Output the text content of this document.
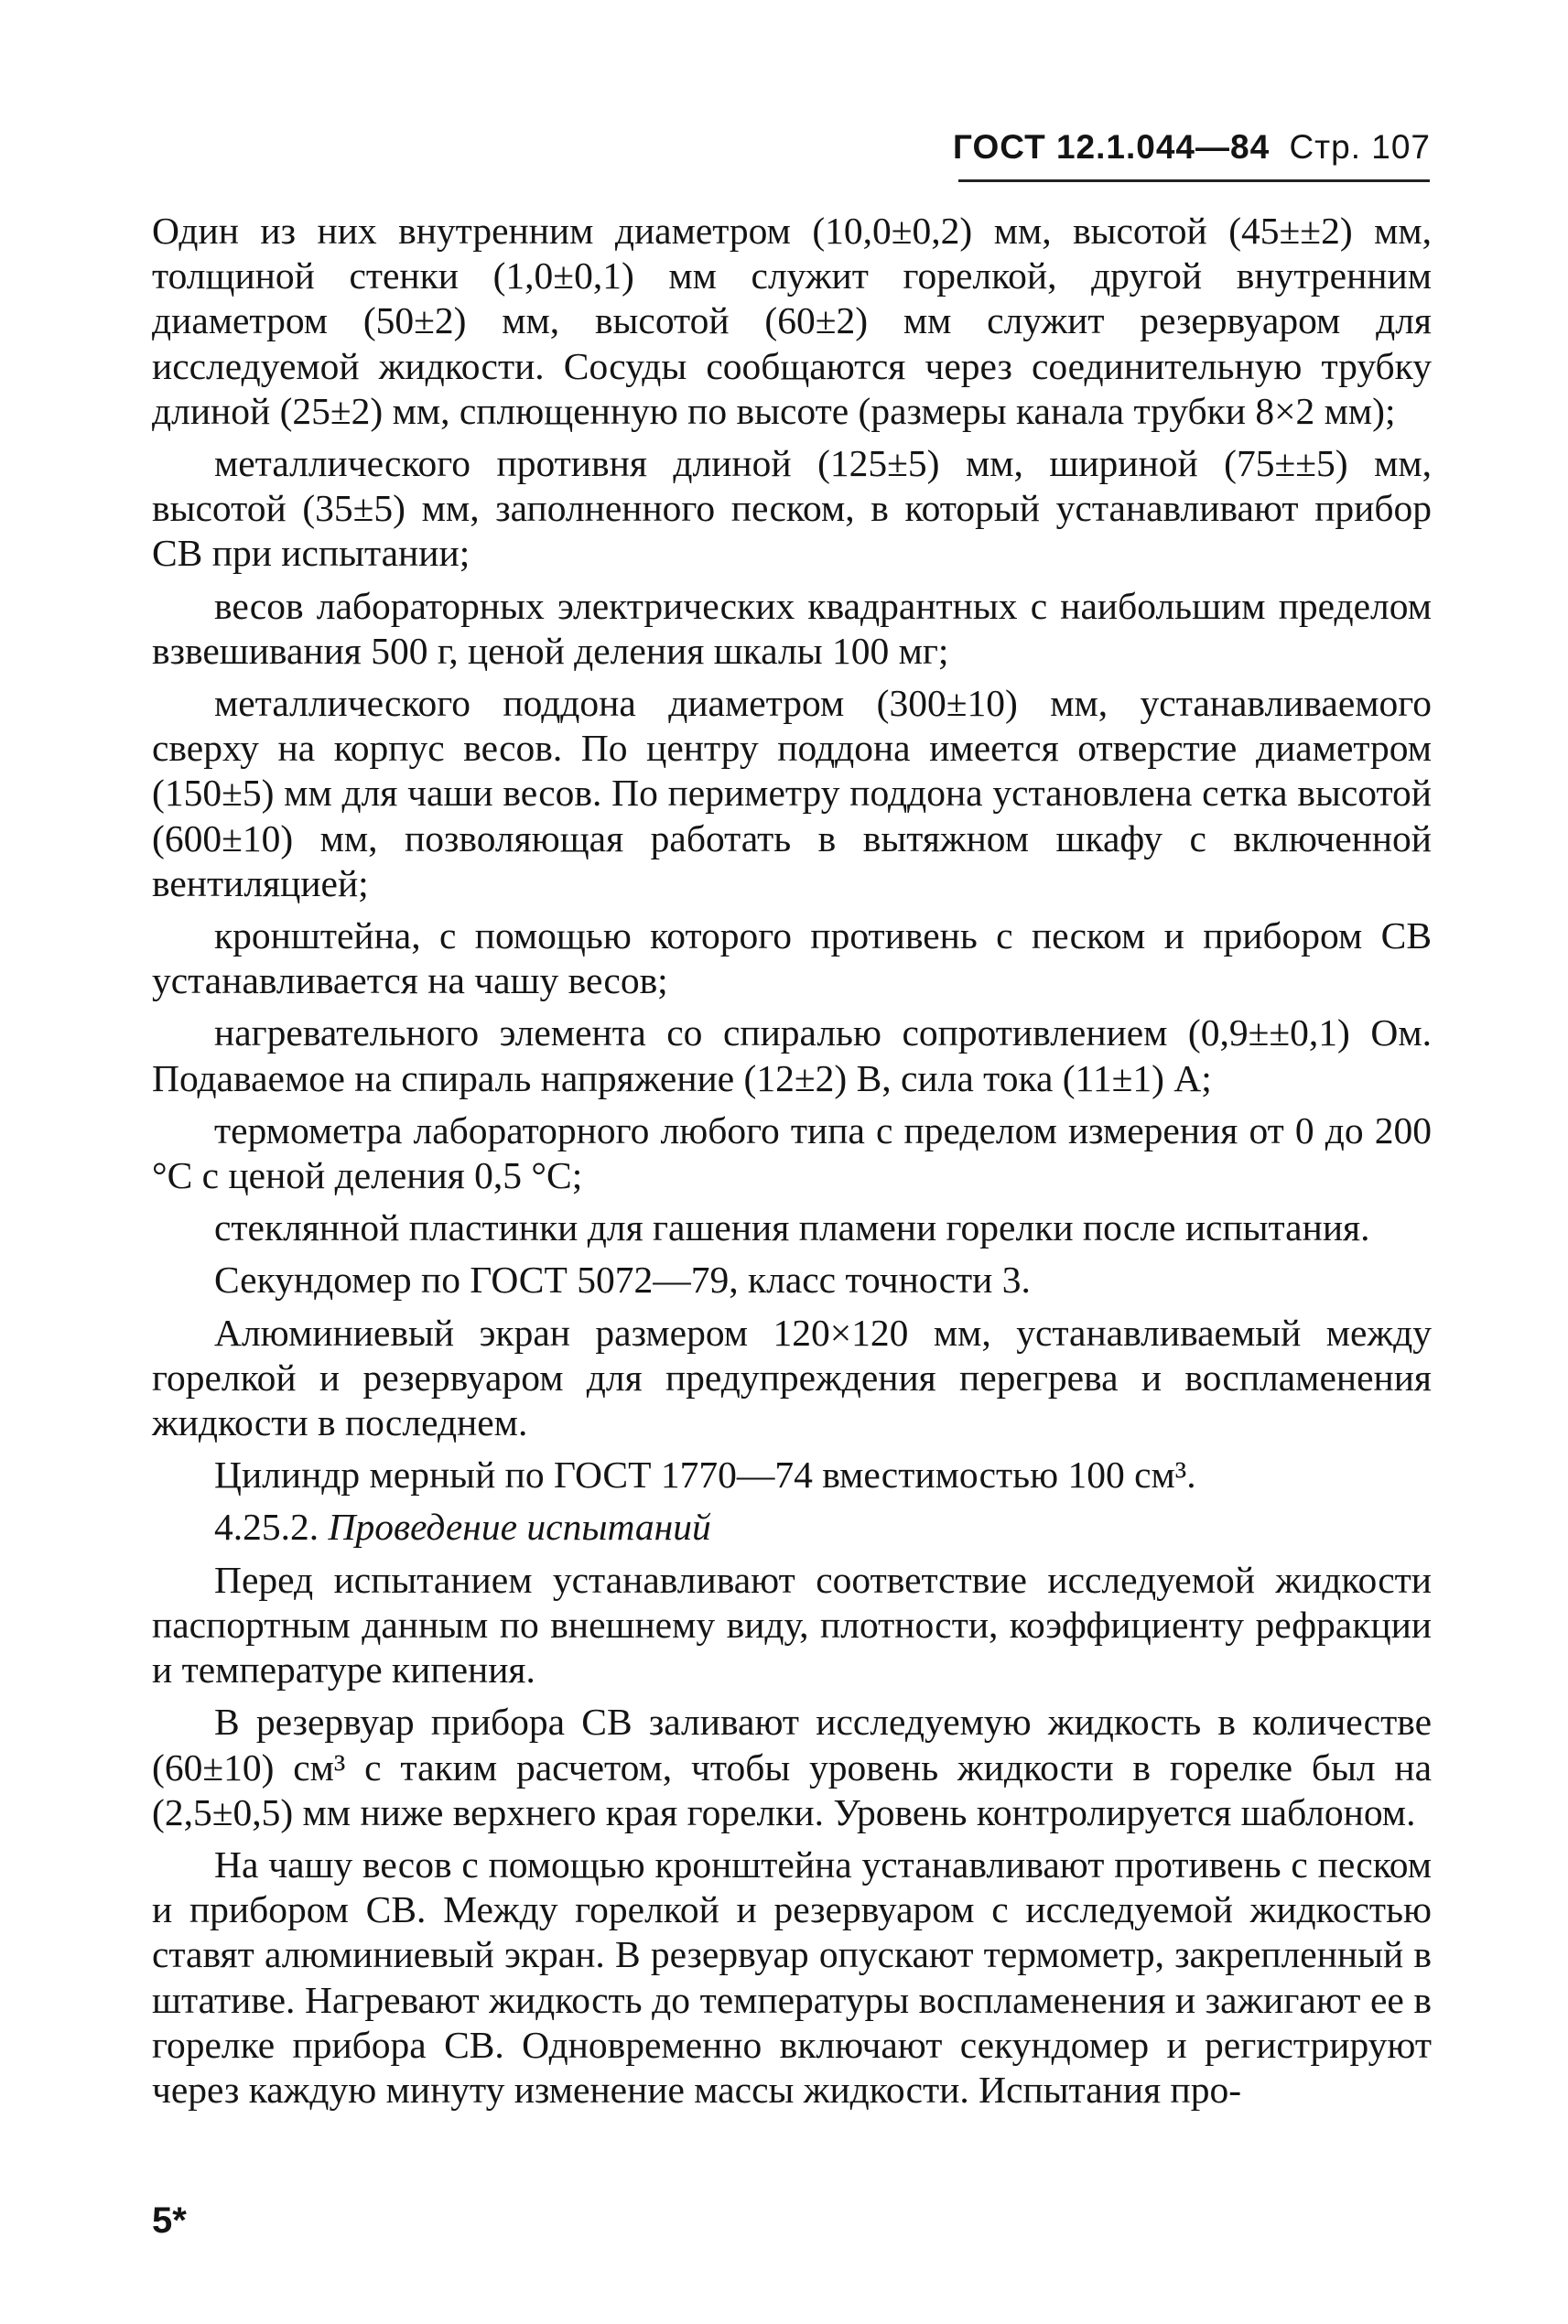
ГОСТ 12.1.044—84 Стр. 107

Один из них внутренним диаметром (10,0±0,2) мм, высотой (45±±2) мм, толщиной стенки (1,0±0,1) мм служит горелкой, другой внутренним диаметром (50±2) мм, высотой (60±2) мм служит резервуаром для исследуемой жидкости. Сосуды сообщаются через соединительную трубку длиной (25±2) мм, сплющенную по высоте (размеры канала трубки 8×2 мм);

металлического противня длиной (125±5) мм, шириной (75±±5) мм, высотой (35±5) мм, заполненного песком, в который устанавливают прибор СВ при испытании;

весов лабораторных электрических квадрантных с наибольшим пределом взвешивания 500 г, ценой деления шкалы 100 мг;

металлического поддона диаметром (300±10) мм, устанавливаемого сверху на корпус весов. По центру поддона имеется отверстие диаметром (150±5) мм для чаши весов. По периметру поддона установлена сетка высотой (600±10) мм, позволяющая работать в вытяжном шкафу с включенной вентиляцией;

кронштейна, с помощью которого противень с песком и прибором СВ устанавливается на чашу весов;

нагревательного элемента со спиралью сопротивлением (0,9±±0,1) Ом. Подаваемое на спираль напряжение (12±2) В, сила тока (11±1) А;

термометра лабораторного любого типа с пределом измерения от 0 до 200 °С с ценой деления 0,5 °С;

стеклянной пластинки для гашения пламени горелки после испытания.

Секундомер по ГОСТ 5072—79, класс точности 3.

Алюминиевый экран размером 120×120 мм, устанавливаемый между горелкой и резервуаром для предупреждения перегрева и воспламенения жидкости в последнем.

Цилиндр мерный по ГОСТ 1770—74 вместимостью 100 см³.

4.25.2. Проведение испытаний

Перед испытанием устанавливают соответствие исследуемой жидкости паспортным данным по внешнему виду, плотности, коэффициенту рефракции и температуре кипения.

В резервуар прибора СВ заливают исследуемую жидкость в количестве (60±10) см³ с таким расчетом, чтобы уровень жидкости в горелке был на (2,5±0,5) мм ниже верхнего края горелки. Уровень контролируется шаблоном.

На чашу весов с помощью кронштейна устанавливают противень с песком и прибором СВ. Между горелкой и резервуаром с исследуемой жидкостью ставят алюминиевый экран. В резервуар опускают термометр, закрепленный в штативе. Нагревают жидкость до температуры воспламенения и зажигают ее в горелке прибора СВ. Одновременно включают секундомер и регистрируют через каждую минуту изменение массы жидкости. Испытания про-

5*
